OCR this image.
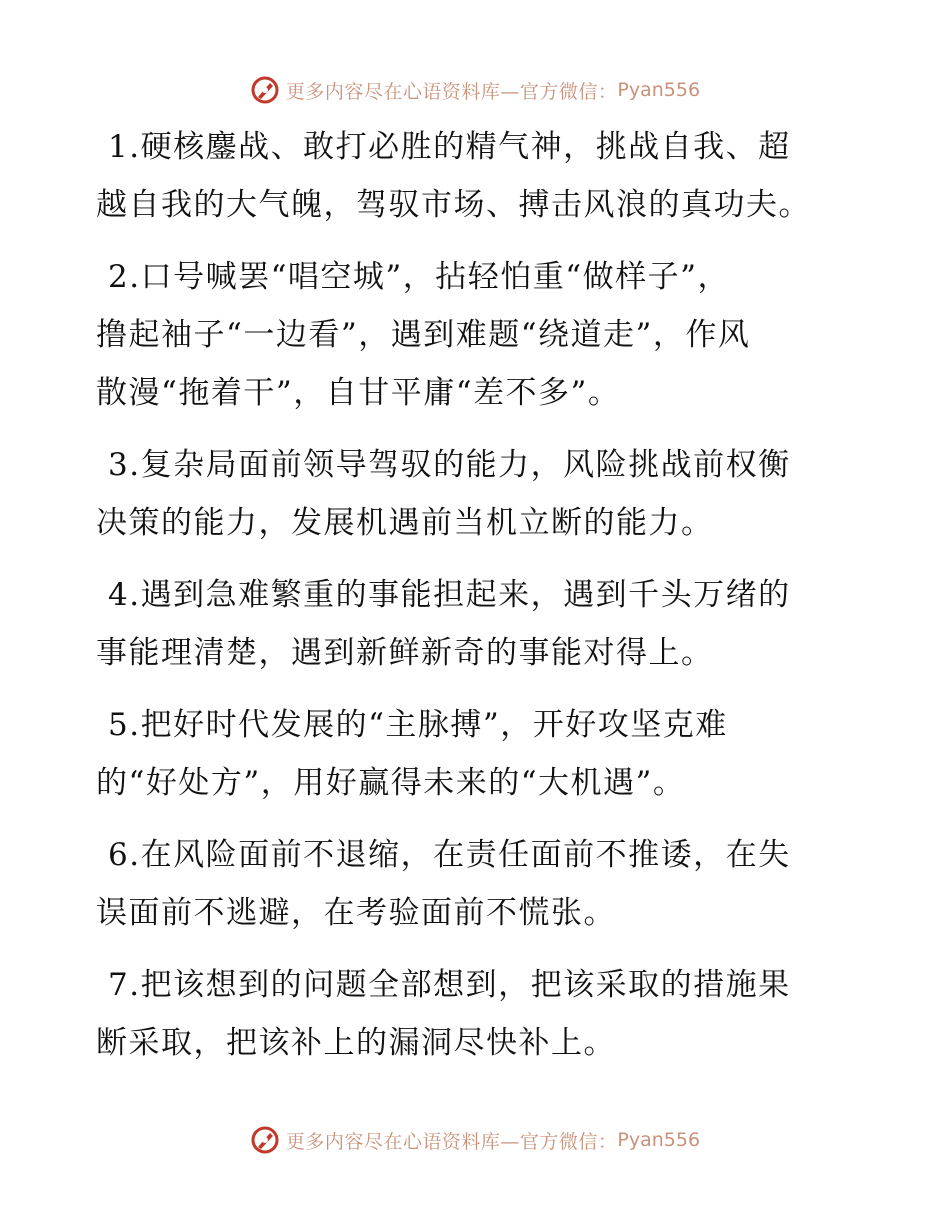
更多内容尽在心语资料库—官方微信： Pyan556
1.硬核鏖战、敢打必胜的精气神，挑战自我、超
越自我的大气魄，驾驭市场、搏击风浪的真功夫。
2.口号喊罢“唱空城”，拈轻怕重“做样子”，
撸起袖子“一边看”，遇到难题“绕道走”，作风
散漫“拖着干”，自甘平庸“差不多”。
3.复杂局面前领导驾驭的能力，风险挑战前权衡
决策的能力，发展机遇前当机立断的能力。
4.遇到急难繁重的事能担起来，遇到千头万绪的
事能理清楚，遇到新鲜新奇的事能对得上。
5.把好时代发展的“主脉搏”，开好攻坚克难
的“好处方”，用好赢得未来的“大机遇”。
6.在风险面前不退缩，在责任面前不推诿，在失
误面前不逃避，在考验面前不慌张。
7.把该想到的问题全部想到，把该采取的措施果
断采取，把该补上的漏洞尽快补上。
更多内容尽在心语资料库—官方微信： Pyan556
